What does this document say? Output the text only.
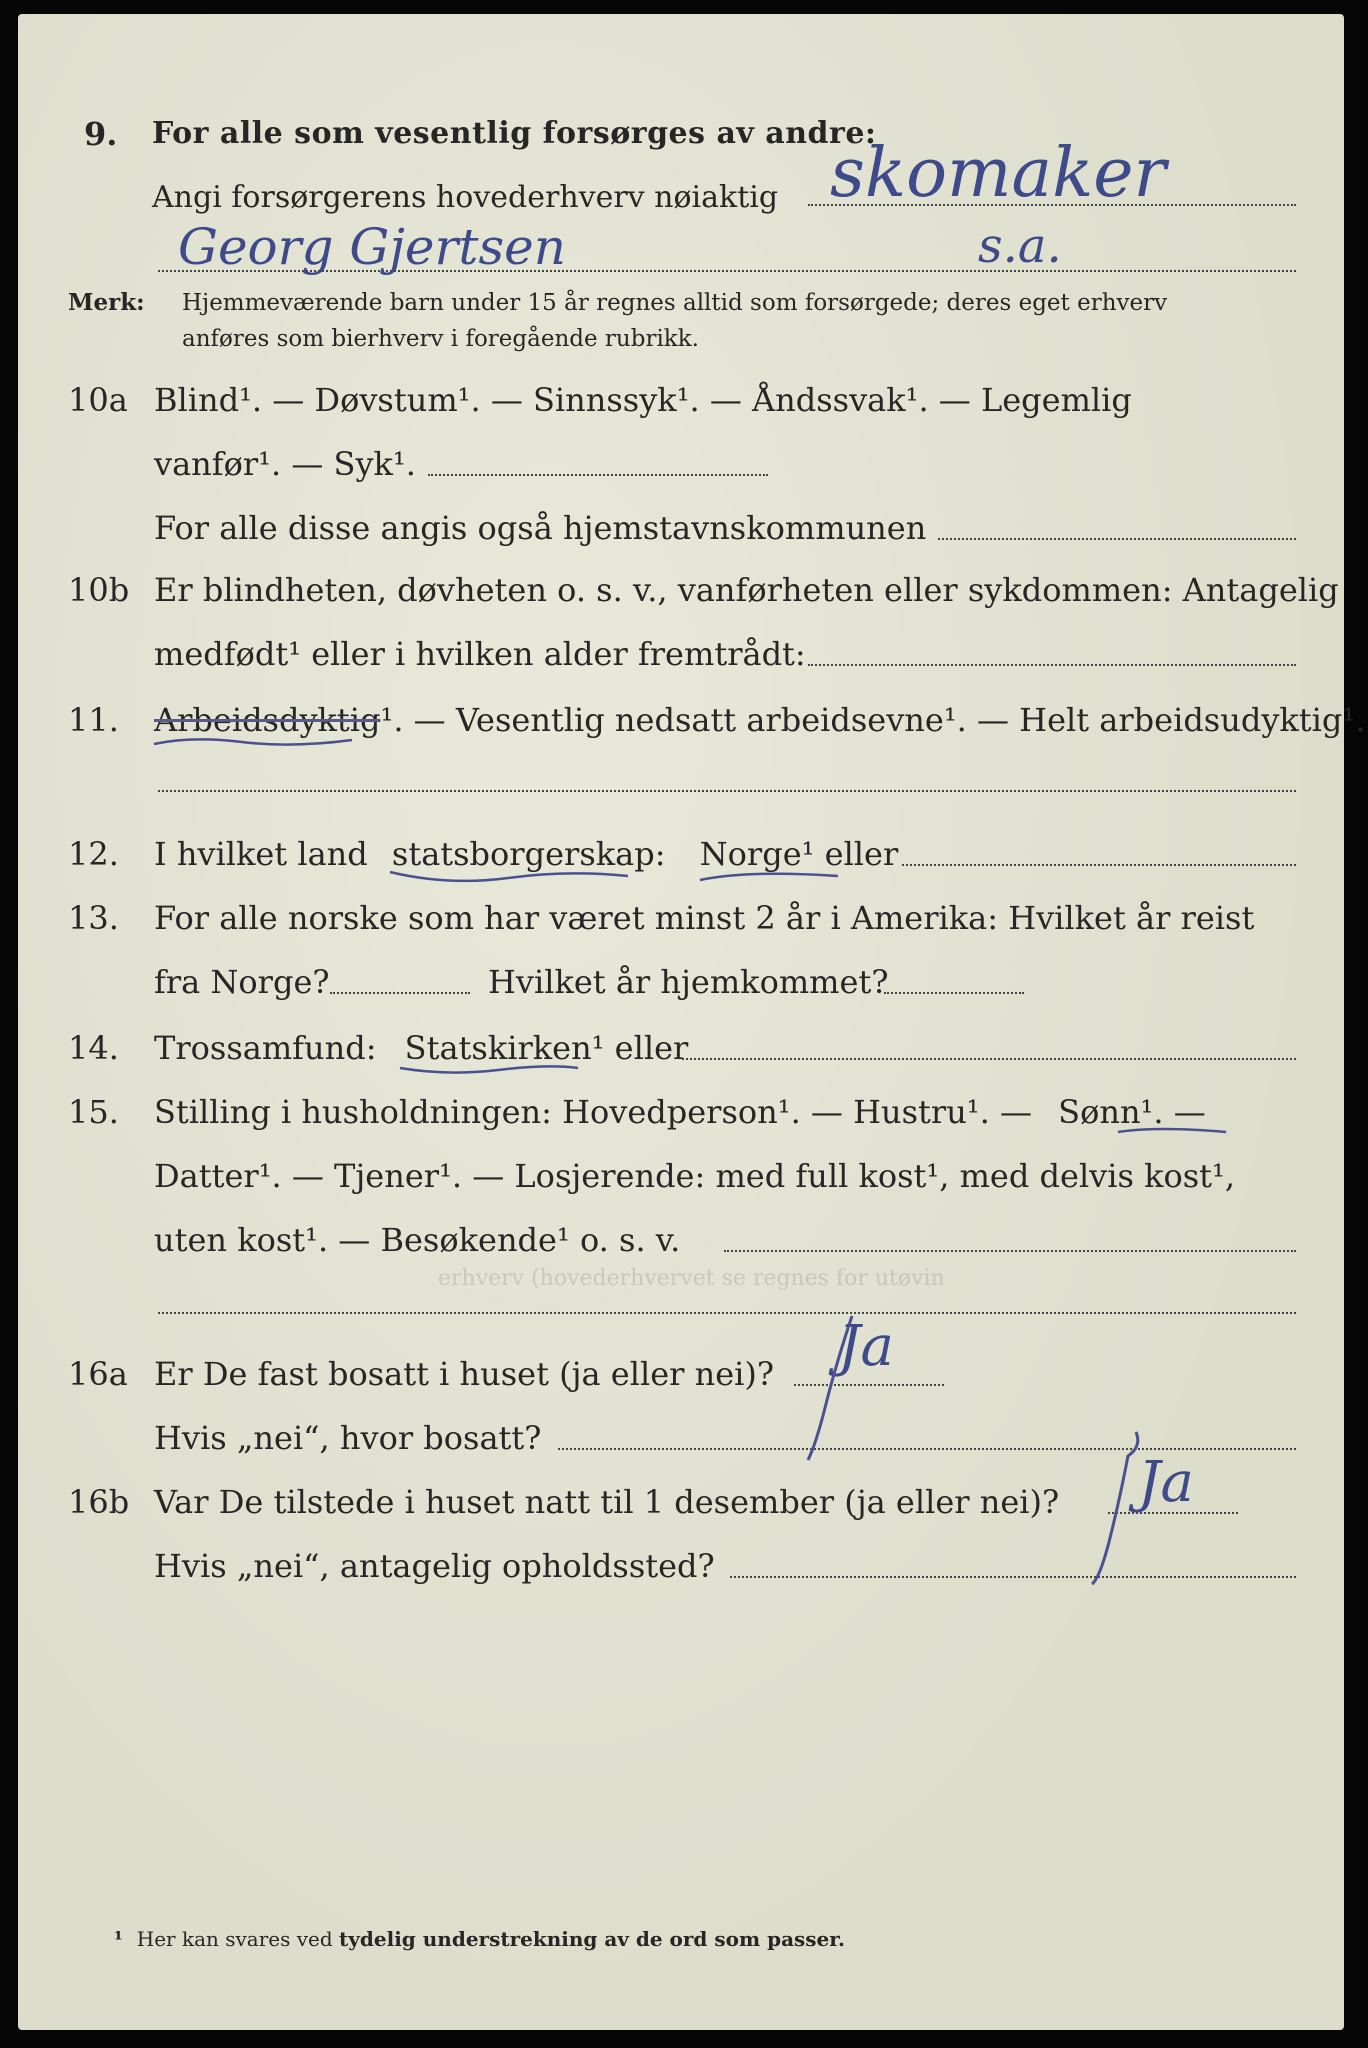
erhverv (hovederhvervet se regnes for utøvin
9. For alle som vesentlig forsørges av andre:
Angi forsørgerens hovederhverv nøiaktig skomaker
Georg Gjertsen	s.a.
Merk: Hjemmeværende barn under 15 år regnes alltid som forsørgede; deres eget erhverv
anføres som bierhverv i foregående rubrikk.
10a Blind¹. — Døvstum¹. — Sinnssyk¹. — Åndssvak¹. — Legemlig
vanfør¹. — Syk¹.
For alle disse angis også hjemstavnskommunen
10b Er blindheten, døvheten o. s. v., vanførheten eller sykdommen: Antagelig
medfødt¹ eller i hvilken alder fremtrådt:
11. Arbeidsdyktig¹. — Vesentlig nedsatt arbeidsevne¹. — Helt arbeidsudyktig¹.
12. I hvilket land statsborgerskap: Norge¹ eller
13. For alle norske som har været minst 2 år i Amerika: Hvilket år reist
fra Norge?	Hvilket år hjemkommet?
14. Trossamfund: Statskirken¹ eller
15. Stilling i husholdningen: Hovedperson¹. — Hustru¹. — Sønn¹. —
Datter¹. — Tjener¹. — Losjerende: med full kost¹, med delvis kost¹,
uten kost¹. — Besøkende¹ o. s. v.
16a Er De fast bosatt i huset (ja eller nei)? Ja
Hvis „nei“, hvor bosatt?
16b Var De tilstede i huset natt til 1 desember (ja eller nei)? Ja
Hvis „nei“, antagelig opholdssted?
¹ Her kan svares ved tydelig understrekning av de ord som passer.
